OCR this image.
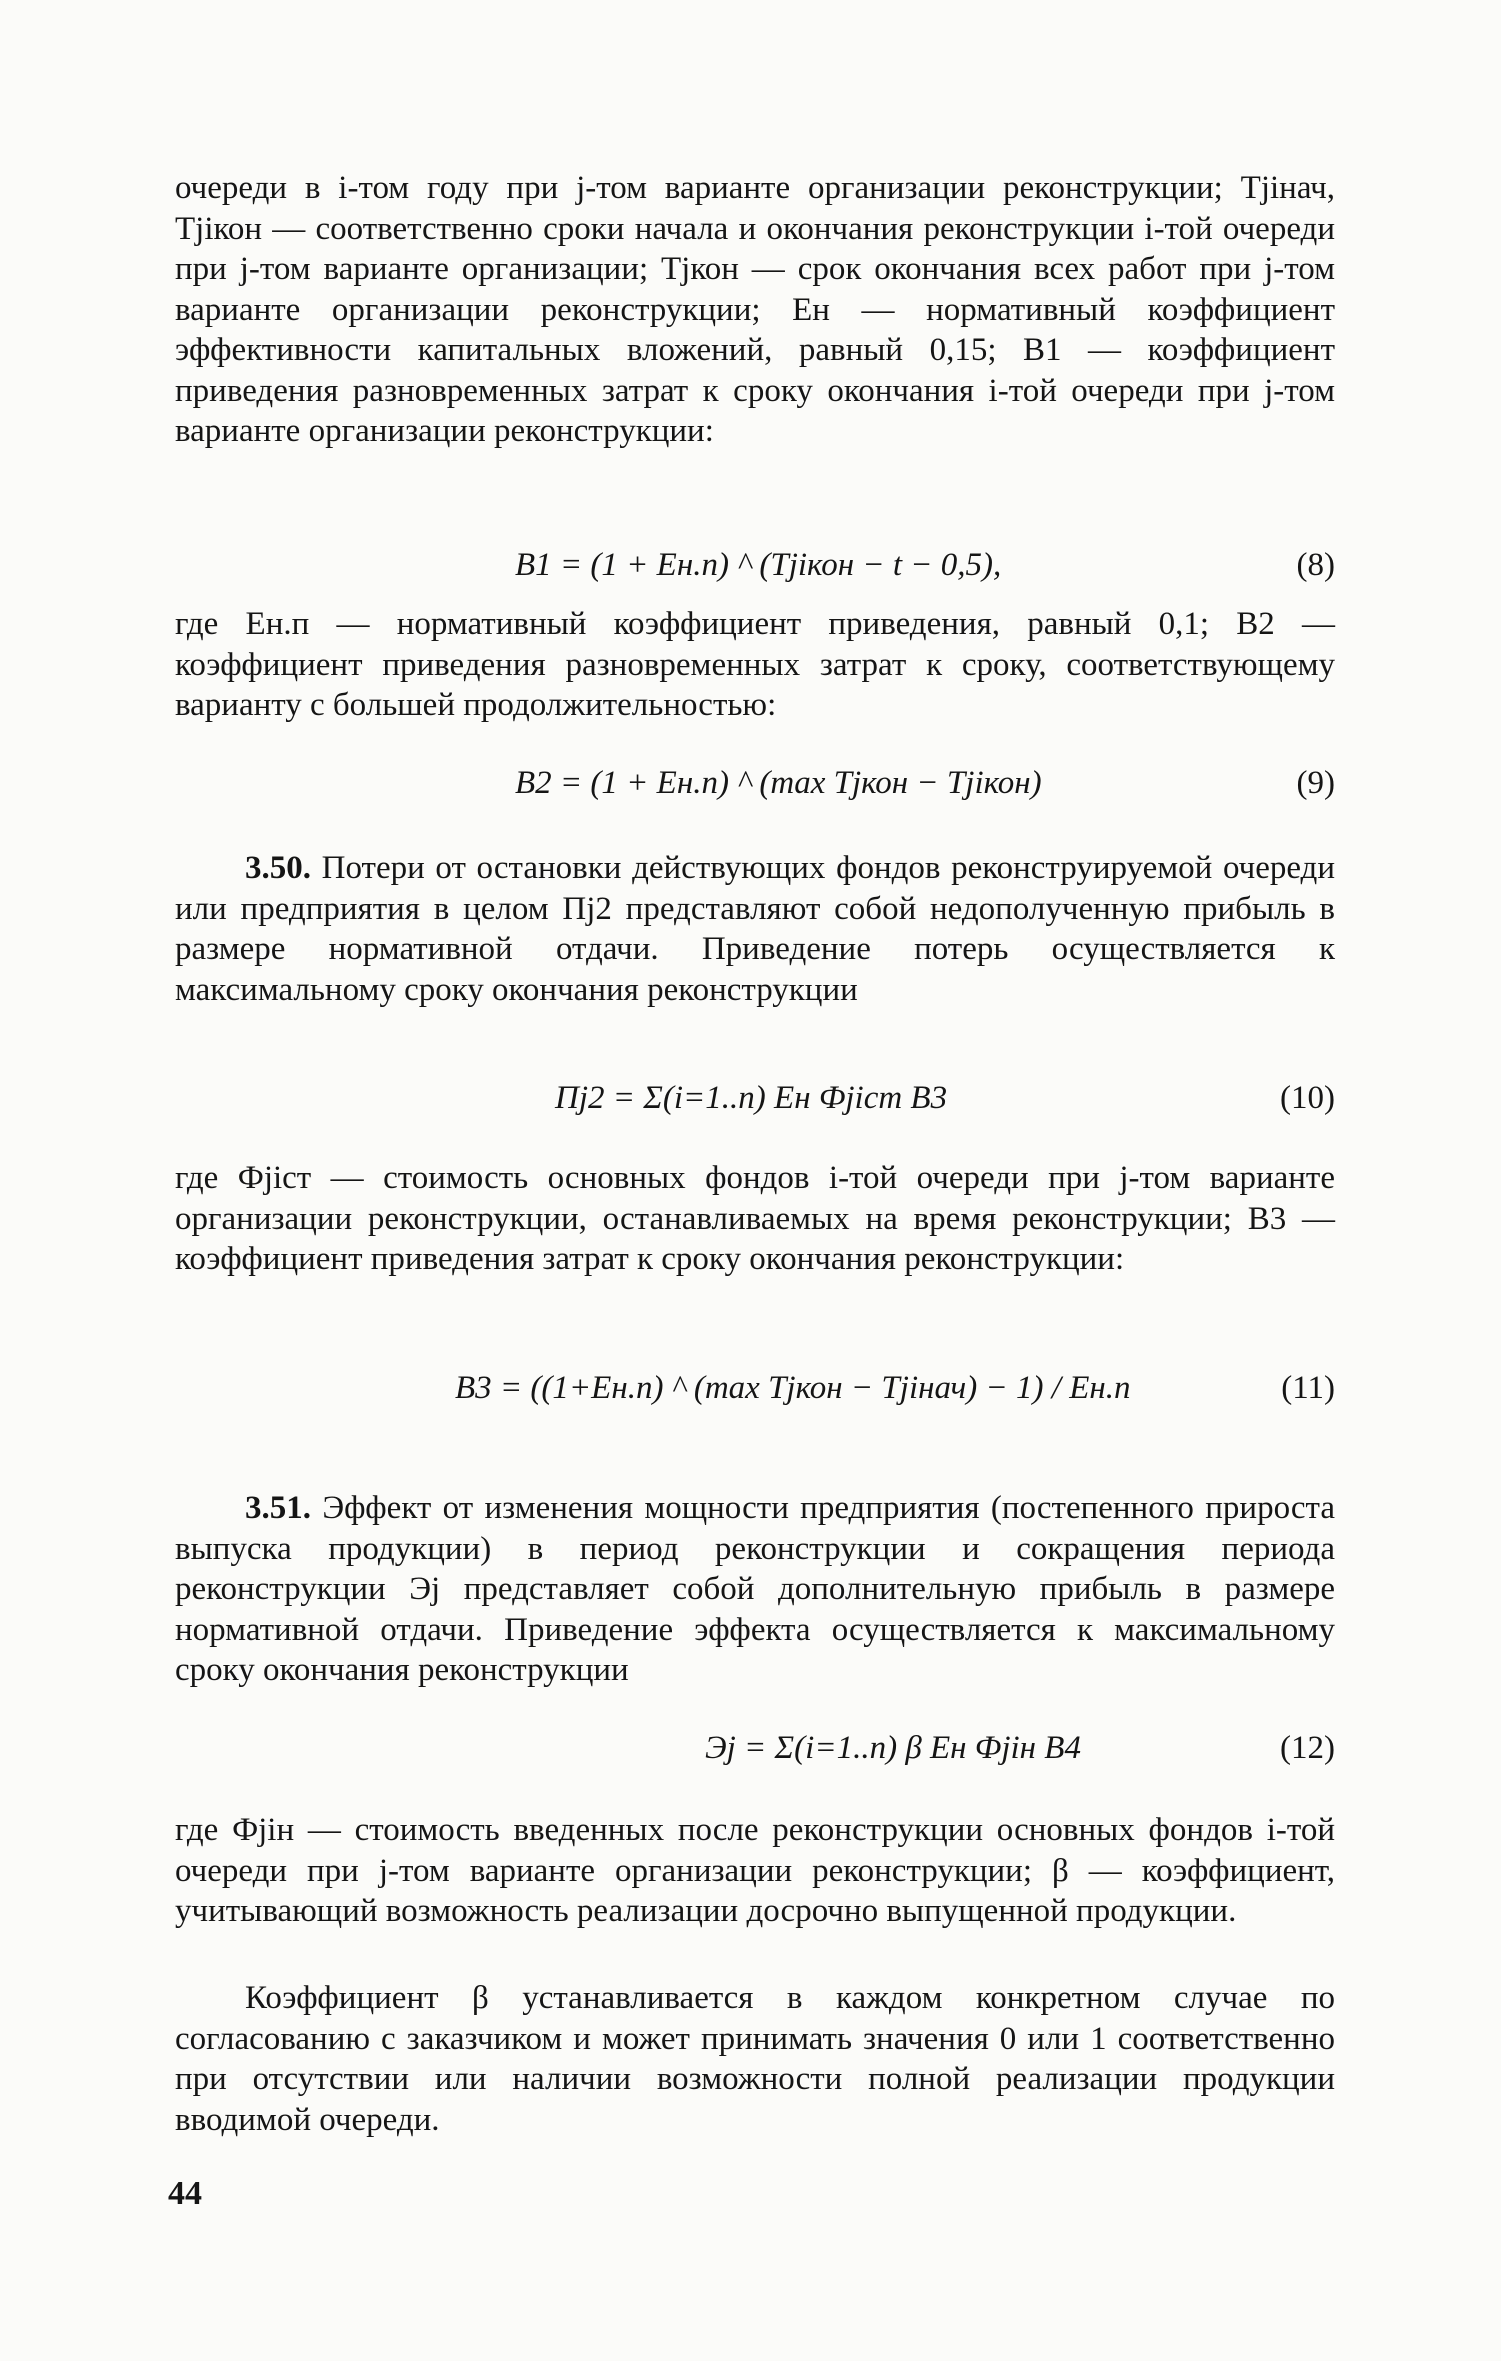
очереди в i-том году при j-том варианте организации реконструкции; Tjiнач, Tjiкон — соответственно сроки начала и окончания реконструкции i-той очереди при j-том варианте организации; Tjкон — срок окончания всех работ при j-том варианте организации реконструкции; Eн — нормативный коэффициент эффективности капитальных вложений, равный 0,15; B1 — коэффициент приведения разновременных затрат к сроку окончания i-той очереди при j-том варианте организации реконструкции:

B1 = (1 + Eн.п) ^ (Tjiкон − t − 0,5),	(8)

где Eн.п — нормативный коэффициент приведения, равный 0,1; B2 — коэффициент приведения разновременных затрат к сроку, соответствующему варианту с большей продолжительностью:

B2 = (1 + Eн.п) ^ (max Tjкон − Tjiкон)	(9)

3.50. Потери от остановки действующих фондов реконструируемой очереди или предприятия в целом Пj2 представляют собой недополученную прибыль в размере нормативной отдачи. Приведение потерь осуществляется к максимальному сроку окончания реконструкции

Пj2 = Σ(i=1..n) Eн Фjiст B3	(10)

где Фjiст — стоимость основных фондов i-той очереди при j-том варианте организации реконструкции, останавливаемых на время реконструкции; B3 — коэффициент приведения затрат к сроку окончания реконструкции:

B3 = ((1+Eн.п) ^ (max Tjкон − Tjiнач) − 1) / Eн.п	(11)

3.51. Эффект от изменения мощности предприятия (постепенного прироста выпуска продукции) в период реконструкции и сокращения периода реконструкции Эj представляет собой дополнительную прибыль в размере нормативной отдачи. Приведение эффекта осуществляется к максимальному сроку окончания реконструкции

Эj = Σ(i=1..n) β Eн Фjiн B4	(12)

где Фjiн — стоимость введенных после реконструкции основных фондов i-той очереди при j-том варианте организации реконструкции; β — коэффициент, учитывающий возможность реализации досрочно выпущенной продукции.

Коэффициент β устанавливается в каждом конкретном случае по согласованию с заказчиком и может принимать значения 0 или 1 соответственно при отсутствии или наличии возможности полной реализации продукции вводимой очереди.

44
